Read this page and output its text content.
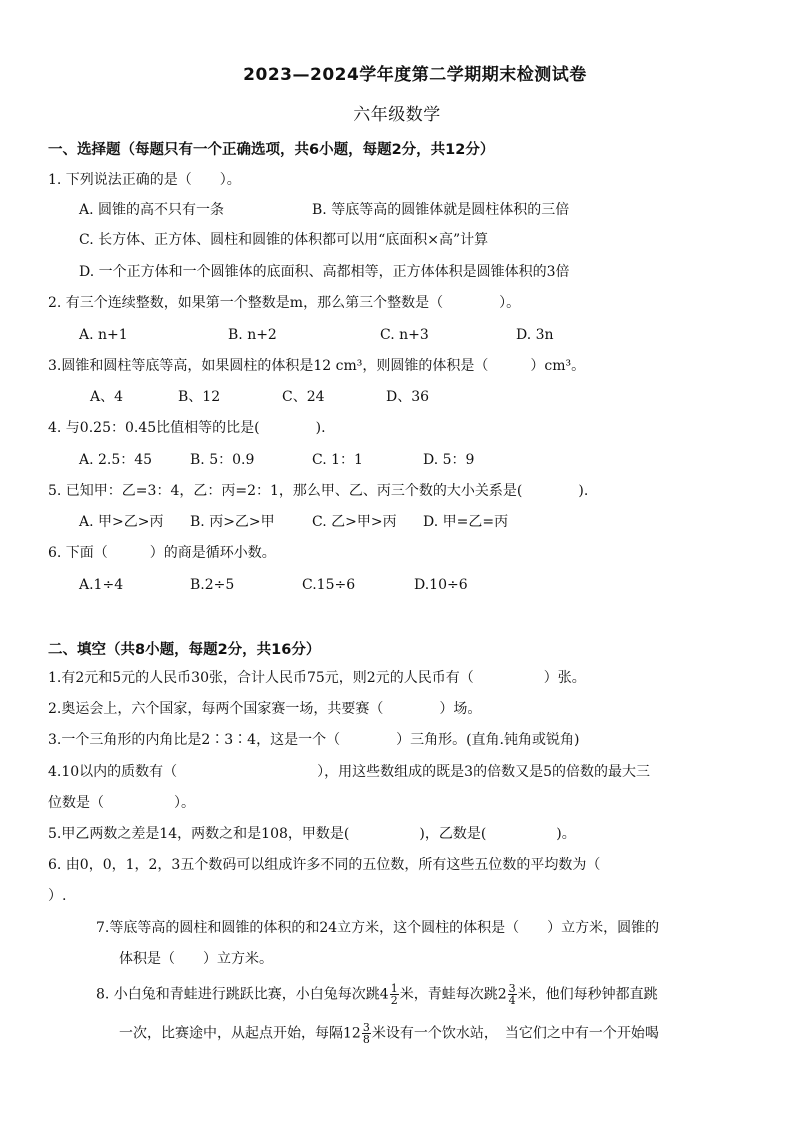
2023—2024学年度第二学期期末检测试卷
六年级数学
一、选择题（每题只有一个正确选项，共6小题，每题2分，共12分）
1. 下列说法正确的是（　　）。
A. 圆锥的高不只有一条	B. 等底等高的圆锥体就是圆柱体积的三倍
C. 长方体、正方体、圆柱和圆锥的体积都可以用“底面积×高”计算
D. 一个正方体和一个圆锥体的底面积、高都相等，正方体体积是圆锥体积的3倍
2. 有三个连续整数，如果第一个整数是m，那么第三个整数是（　　　　）。
A. n+1	B. n+2	C. n+3	D. 3n
3.圆锥和圆柱等底等高，如果圆柱的体积是12 cm³，则圆锥的体积是（　　　）cm³。
A、4	B、12	C、24	D、36
4. 与0.25：0.45比值相等的比是(　　　　).
A. 2.5：45	B. 5：0.9	C. 1：1	D. 5：9
5. 已知甲：乙=3：4，乙：丙=2：1，那么甲、乙、丙三个数的大小关系是(　　　　).
A. 甲>乙>丙 B. 丙>乙>甲	C. 乙>甲>丙 D. 甲=乙=丙
6. 下面（　　　）的商是循环小数。
A.1÷4	B.2÷5	C.15÷6	D.10÷6
二、填空（共8小题，每题2分，共16分）
1.有2元和5元的人民币30张，合计人民币75元，则2元的人民币有（　　　　　）张。
2.奥运会上，六个国家，每两个国家赛一场，共要赛（　　　　）场。
3.一个三角形的内角比是2∶3∶4，这是一个（　　　　）三角形。(直角.钝角或锐角)
4.10以内的质数有（　　　　　　　　　　），用这些数组成的既是3的倍数又是5的倍数的最大三
位数是（　　　　　）。
5.甲乙两数之差是14，两数之和是108，甲数是(　　　　　)，乙数是(　　　　　)。
6. 由0，0，1，2，3五个数码可以组成许多不同的五位数，所有这些五位数的平均数为（
）.
7.等底等高的圆柱和圆锥的体积的和24立方米，这个圆柱的体积是（　　）立方米，圆锥的
体积是（　　）立方米。
8. 小白兔和青蛙进行跳跃比赛，小白兔每次跳$4 \frac{1}{2}$ 米，青蛙每次跳$2 \frac{3}{4}$ 米，他们每秒钟都直跳
一次，比赛途中，从起点开始，每隔$12 \frac{3}{8}$ 米设有一个饮水站，　当它们之中有一个开始喝
